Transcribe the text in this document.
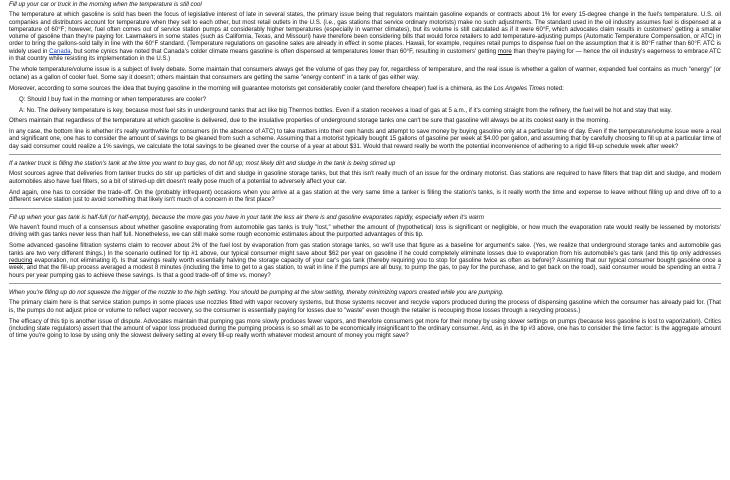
Fill up your car or truck in the morning when the temperature is still cool
The temperature at which gasoline is sold has been the focus of legislative interest of late in several states, the primary issue being that regulators maintain gasoline expands or contracts about 1% for every 15-degree change in the fuel's temperature. U.S. oil companies and distributors account for temperature when they sell to each other, but most retail outlets in the U.S. (i.e., gas stations that service ordinary motorists) make no such adjustments. The standard used in the oil industry assumes fuel is dispensed at a temperature of 60°F; however, fuel often comes out of service station pumps at considerably higher temperatures (especially in warmer climates), but its volume is still calculated as if it were 60°F, which advocates claim results in customers' getting a smaller volume of gasoline than they're paying for. Lawmakers in some states (such as California, Texas, and Missouri) have therefore been considering bills that would force retailers to add temperature-adjusting pumps (Automatic Temperature Compensation, or ATC) in order to bring the gallons-sold tally in line with the 60°F standard. (Temperature regulations on gasoline sales are already in effect in some places. Hawaii, for example, requires retail pumps to dispense fuel on the assumption that it is 80°F rather than 60°F. ATC is widely used in Canada, but some cynics have noted that Canada's colder climate means gasoline is often dispensed at temperatures lower than 60°F, resulting in customers' getting more than they're paying for — hence the oil industry's eagerness to embrace ATC in that country while resisting its implementation in the U.S.)
The whole temperature/volume issue is a subject of lively debate. Some maintain that consumers always get the volume of gas they pay for, regardless of temperature, and the real issue is whether a gallon of warmer, expanded fuel contains as much "energy" (or octane) as a gallon of cooler fuel. Some say it doesn't; others maintain that consumers are getting the same "energy content" in a tank of gas either way.
Moreover, according to some sources the idea that buying gasoline in the morning will guarantee motorists get considerably cooler (and therefore cheaper) fuel is a chimera, as the Los Angeles Times noted:
Q: Should I buy fuel in the morning or when temperatures are cooler?
A: No. The delivery temperature is key, because most fuel sits in underground tanks that act like big Thermos bottles. Even if a station receives a load of gas at 5 a.m., if it's coming straight from the refinery, the fuel will be hot and stay that way.
Others maintain that regardless of the temperature at which gasoline is delivered, due to the insulative properties of underground storage tanks one can't be sure that gasoline will always be at its coolest early in the morning.
In any case, the bottom line is whether it's really worthwhile for consumers (in the absence of ATC) to take matters into their own hands and attempt to save money by buying gasoline only at a particular time of day. Even if the temperature/volume issue were a real and significant one, one has to consider the amount of savings to be gleaned from such a scheme. Assuming that a motorist typically bought 15 gallons of gasoline per week at $4.00 per gallon, and assuming that by carefully choosing to fill up at a particular time of day said consumer could realize a 1% savings, we calculate the total savings to be gleaned over the course of a year at about $31. Would that reward really be worth the potential inconvenience of adhering to a rigid fill-up schedule week after week?
If a tanker truck is filling the station's tank at the time you want to buy gas, do not fill up; most likely dirt and sludge in the tank is being stirred up
Most sources agree that deliveries from tanker trucks do stir up particles of dirt and sludge in gasoline storage tanks, but that this isn't really much of an issue for the ordinary motorist. Gas stations are required to have filters that trap dirt and sludge, and modern automobiles also have fuel filters, so a bit of stirred-up dirt doesn't really pose much of a potential to adversely affect your car.
And again, one has to consider the trade-off. On the (probably infrequent) occasions when you arrive at a gas station at the very same time a tanker is filling the station's tanks, is it really worth the time and expense to leave without filling up and drive off to a different service station just to avoid something that likely isn't much of a concern in the first place?
Fill up when your gas tank is half-full (or half-empty), because the more gas you have in your tank the less air there is and gasoline evaporates rapidly, especially when it's warm
We haven't found much of a consensus about whether gasoline evaporating from automobile gas tanks is truly "lost," whether the amount of (hypothetical) loss is significant or negligible, or how much the evaporation rate would really be lessened by motorists' driving with gas tanks never less than half full. Nonetheless, we can still make some rough economic estimates about the purported advantages of this tip.
Some advanced gasoline filtration systems claim to recover about 2% of the fuel lost by evaporation from gas station storage tanks, so we'll use that figure as a baseline for argument's sake. (Yes, we realize that underground storage tanks and automobile gas tanks are two very different things.) In the scenario outlined for tip #1 above, our typical consumer might save about $62 per year on gasoline if he could completely eliminate losses due to evaporation from his automobile's gas tank (and this tip only addresses reducing evaporation, not eliminating it). Is that savings really worth essentially halving the storage capacity of your car's gas tank (thereby requiring you to stop for gasoline twice as often as before)? Assuming that our typical consumer bought gasoline once a week, and that the fill-up process averaged a modest 8 minutes (including the time to get to a gas station, to wait in line if the pumps are all busy, to pump the gas, to pay for the purchase, and to get back on the road), said consumer would be spending an extra 7 hours per year pumping gas to achieve these savings. Is that a good trade-off of time vs. money?
When you're filling up do not squeeze the trigger of the nozzle to the high setting. You should be pumping at the slow setting, thereby minimizing vapors created while you are pumping.
The primary claim here is that service station pumps in some places use nozzles fitted with vapor recovery systems, but those systems recover and recycle vapors produced during the process of dispensing gasoline which the consumer has already paid for. (That is, the pumps do not adjust price or volume to reflect vapor recovery, so the consumer is essentially paying for losses due to "waste" even though the retailer is recouping those losses through a recycling process.)
The efficacy of this tip is another issue of dispute. Advocates maintain that pumping gas more slowly produces fewer vapors, and therefore consumers get more for their money by using slower settings on pumps (because less gasoline is lost to vaporization). Critics (including state regulators) assert that the amount of vapor loss produced during the pumping process is so small as to be economically insignificant to the ordinary consumer. And, as in the tip #3 above, one has to consider the time factor: Is the aggregate amount of time you're going to lose by using only the slowest delivery setting at every fill-up really worth whatever modest amount of money you might save?
